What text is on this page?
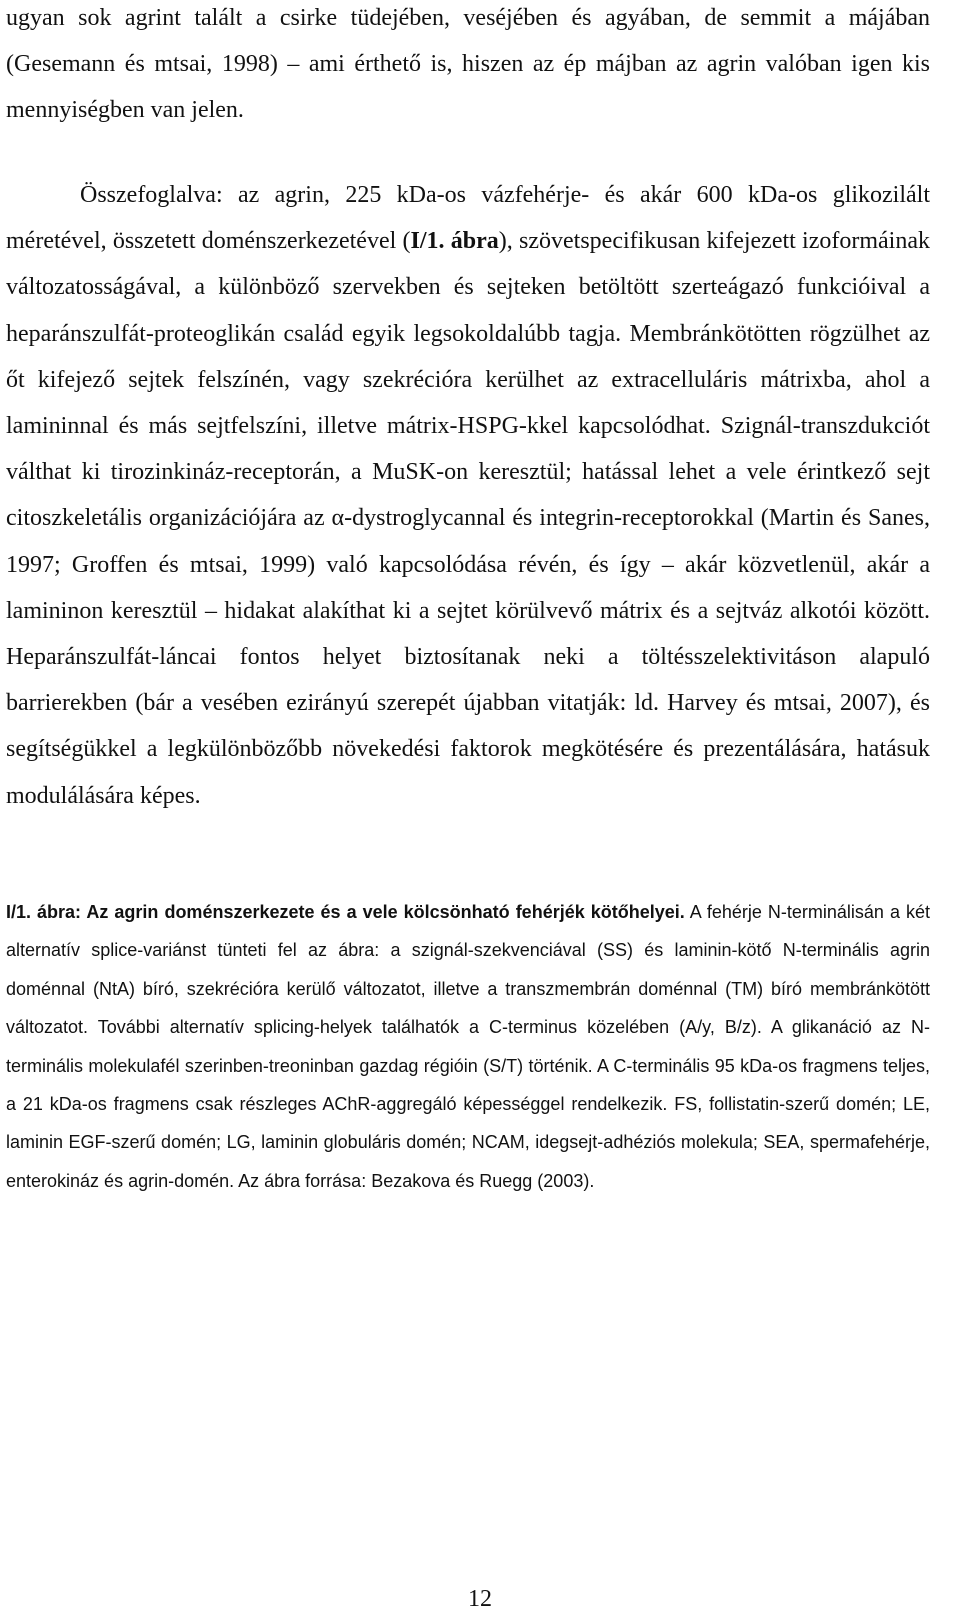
ugyan sok agrint talált a csirke tüdejében, veséjében és agyában, de semmit a májában (Gesemann és mtsai, 1998) – ami érthető is, hiszen az ép májban az agrin valóban igen kis mennyiségben van jelen.

Összefoglalva: az agrin, 225 kDa-os vázfehérje- és akár 600 kDa-os glikozilált méretével, összetett doménszerkezetével (I/1. ábra), szövetspecifikusan kifejezett izoformáinak változatosságával, a különböző szervekben és sejteken betöltött szerteágazó funkcióival a heparánszulfát-proteoglikán család egyik legsokoldalúbb tagja. Membránkötötten rögzülhet az őt kifejező sejtek felszínén, vagy szekrécióra kerülhet az extracelluláris mátrixba, ahol a lamininnal és más sejtfelszíni, illetve mátrix-HSPG-kkel kapcsolódhat. Szignál-transzdukciót válthat ki tirozinkináz-receptorán, a MuSK-on keresztül; hatással lehet a vele érintkező sejt citoszkeletális organizációjára az α-dystroglycannal és integrin-receptorokkal (Martin és Sanes, 1997; Groffen és mtsai, 1999) való kapcsolódása révén, és így – akár közvetlenül, akár a lamininon keresztül – hidakat alakíthat ki a sejtet körülvevő mátrix és a sejtváz alkotói között. Heparánszulfát-láncai fontos helyet biztosítanak neki a töltésszelektivitáson alapuló barrierekben (bár a vesében ezirányú szerepét újabban vitatják: ld. Harvey és mtsai, 2007), és segítségükkel a legkülönbözőbb növekedési faktorok megkötésére és prezentálására, hatásuk modulálására képes.

I/1. ábra: Az agrin doménszerkezete és a vele kölcsönható fehérjék kötőhelyei. A fehérje N-terminálisán a két alternatív splice-variánst tünteti fel az ábra: a szignál-szekvenciával (SS) és laminin-kötő N-terminális agrin doménnal (NtA) bíró, szekrécióra kerülő változatot, illetve a transzmembrán doménnal (TM) bíró membránkötött változatot. További alternatív splicing-helyek találhatók a C-terminus közelében (A/y, B/z). A glikanáció az N-terminális molekulafél szerinben-treoninban gazdag régióin (S/T) történik. A C-terminális 95 kDa-os fragmens teljes, a 21 kDa-os fragmens csak részleges AChR-aggregáló képességgel rendelkezik. FS, follistatin-szerű domén; LE, laminin EGF-szerű domén; LG, laminin globuláris domén; NCAM, idegsejt-adhéziós molekula; SEA, spermafehérje, enterokináz és agrin-domén. Az ábra forrása: Bezakova és Ruegg (2003).

12
